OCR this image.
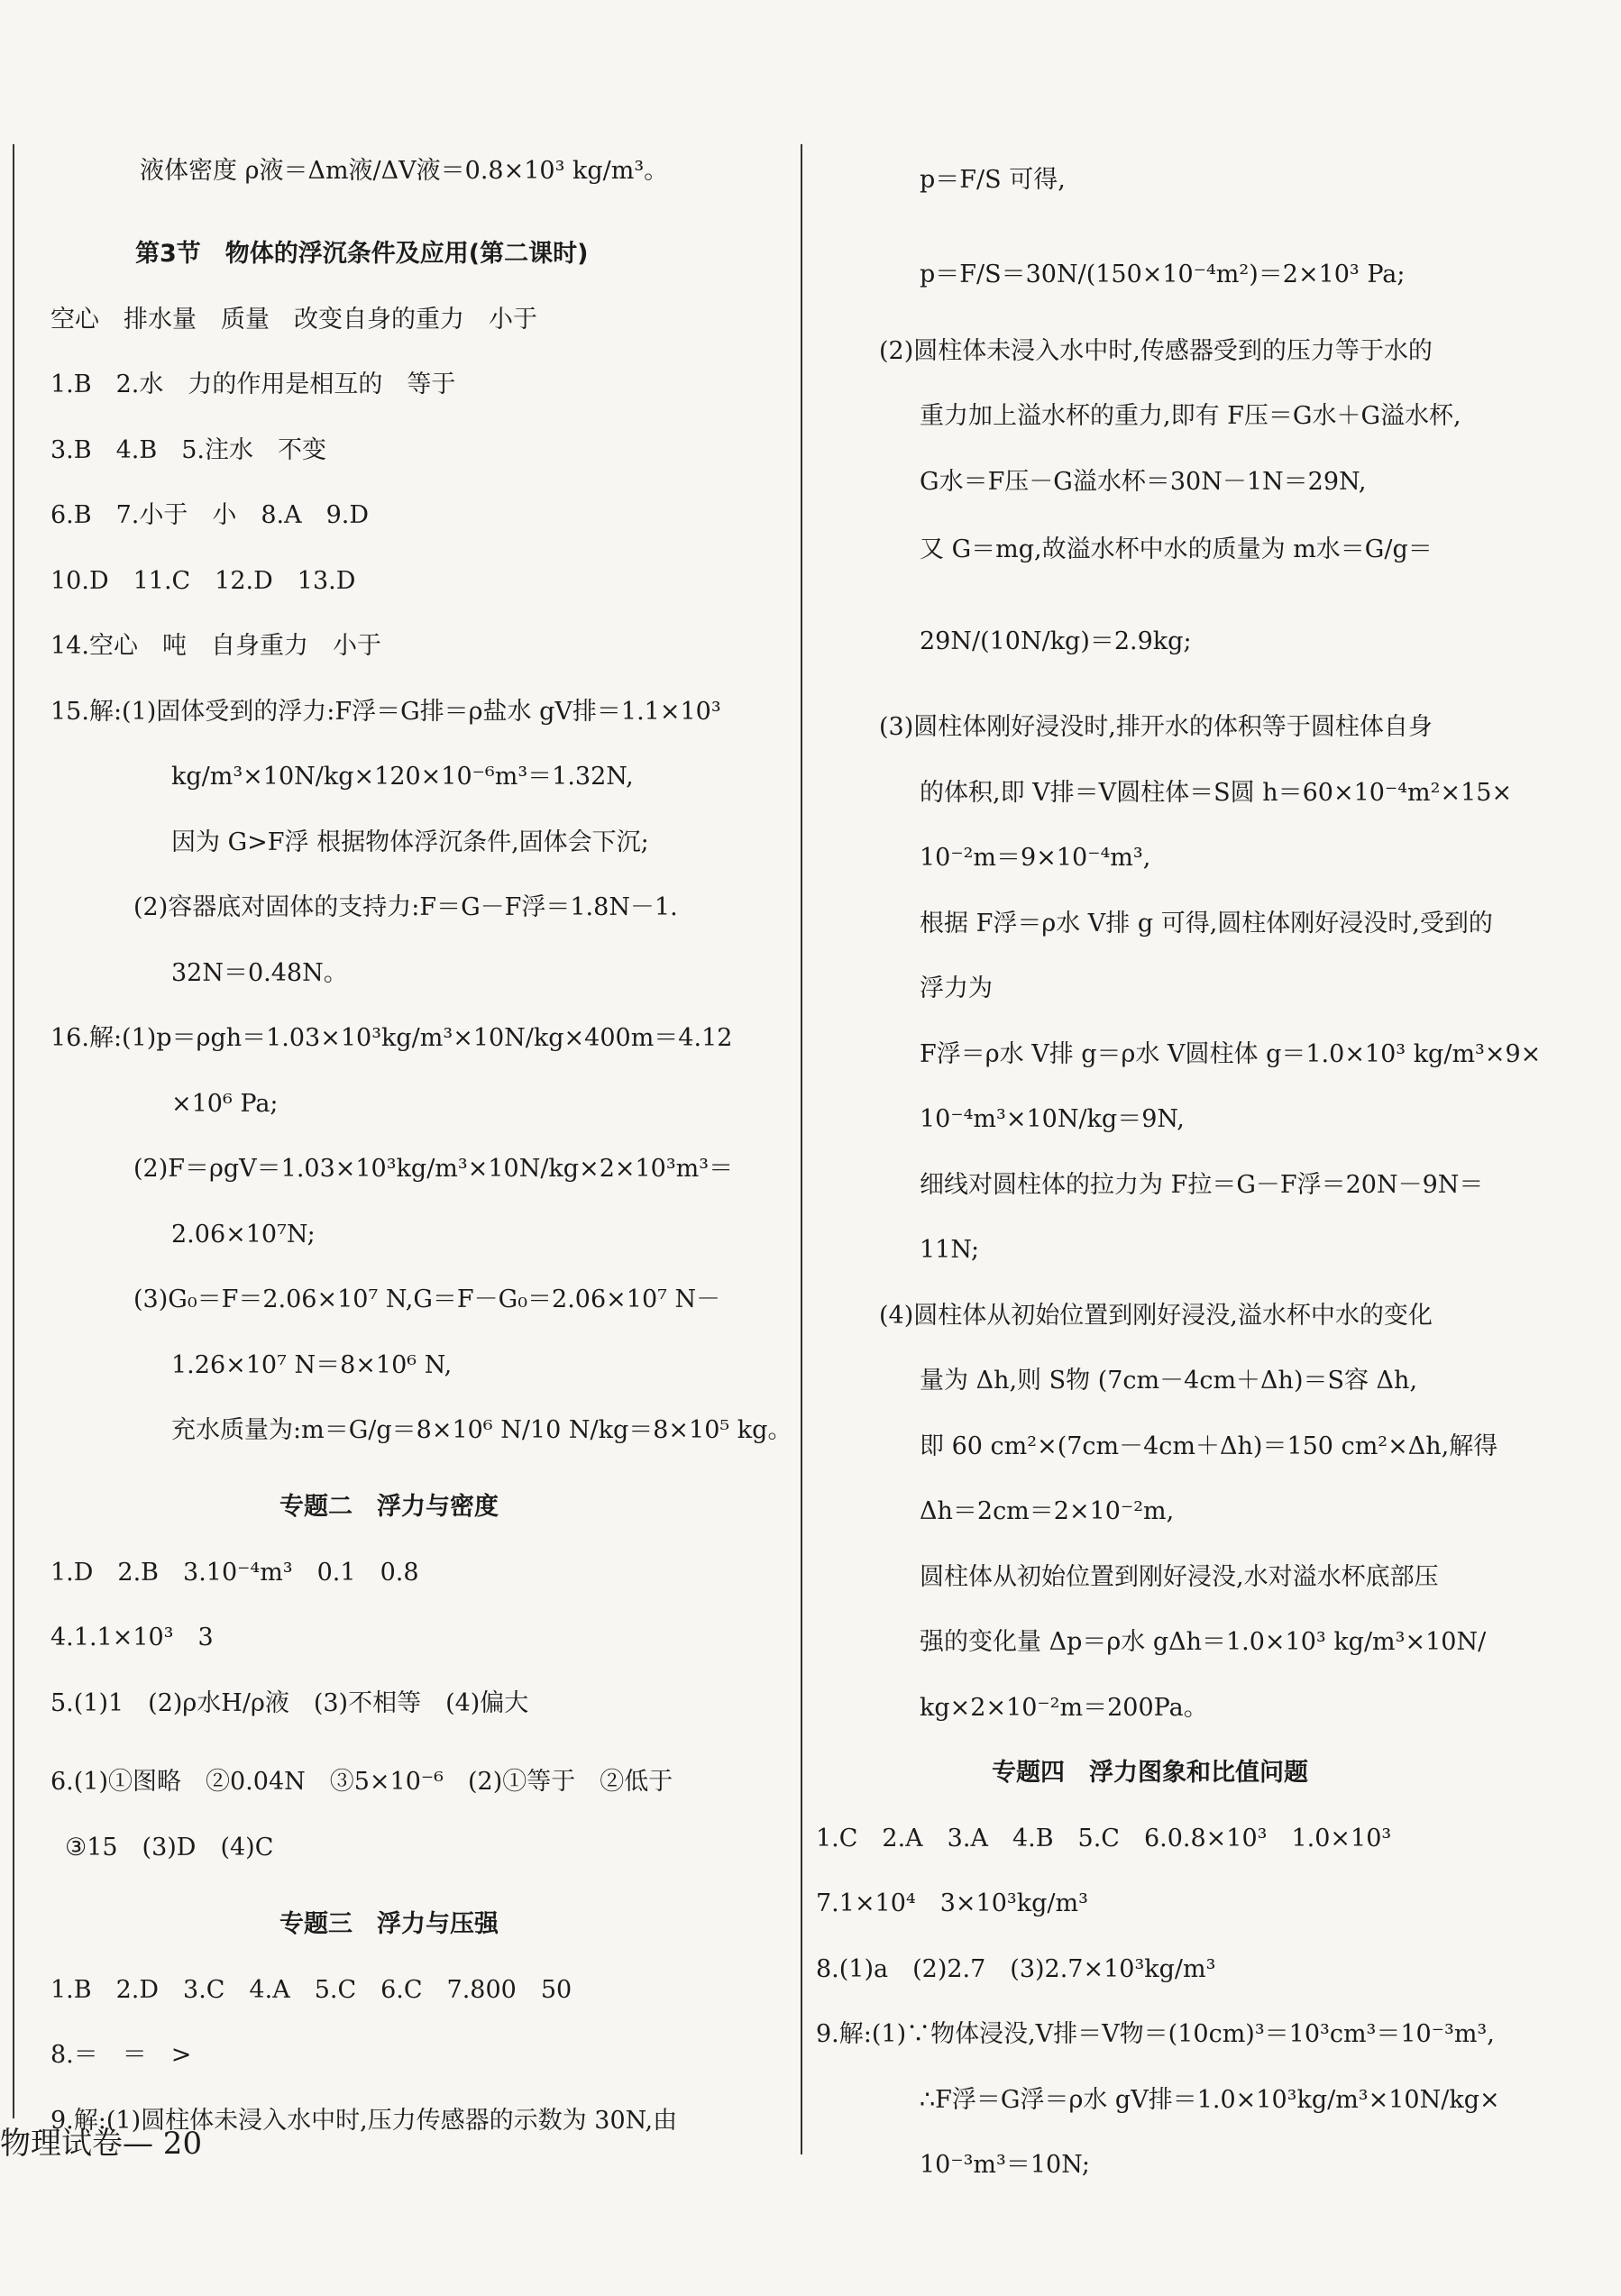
液体密度 ρ液＝Δm液/ΔV液＝0.8×10³ kg/m³。
第3节　物体的浮沉条件及应用(第二课时)
空心　排水量　质量　改变自身的重力　小于
1.B　2.水　力的作用是相互的　等于
3.B　4.B　5.注水　不变
6.B　7.小于　小　8.A　9.D
10.D　11.C　12.D　13.D
14.空心　吨　自身重力　小于
15.解:(1)固体受到的浮力:F浮＝G排＝ρ盐水 gV排＝1.1×10³
kg/m³×10N/kg×120×10⁻⁶m³＝1.32N,
因为 G>F浮 根据物体浮沉条件,固体会下沉;
(2)容器底对固体的支持力:F＝G－F浮＝1.8N－1.
32N＝0.48N。
16.解:(1)p＝ρgh＝1.03×10³kg/m³×10N/kg×400m＝4.12
×10⁶ Pa;
(2)F＝ρgV＝1.03×10³kg/m³×10N/kg×2×10³m³＝
2.06×10⁷N;
(3)G₀＝F＝2.06×10⁷ N,G＝F－G₀＝2.06×10⁷ N－
1.26×10⁷ N＝8×10⁶ N,
充水质量为:m＝G/g＝8×10⁶ N/10 N/kg＝8×10⁵ kg。
专题二　浮力与密度
1.D　2.B　3.10⁻⁴m³　0.1　0.8
4.1.1×10³　3
5.(1)1　(2)ρ水H/ρ液　(3)不相等　(4)偏大
6.(1)①图略　②0.04N　③5×10⁻⁶　(2)①等于　②低于
③15　(3)D　(4)C
专题三　浮力与压强
1.B　2.D　3.C　4.A　5.C　6.C　7.800　50
8.＝　＝　>
9.解:(1)圆柱体未浸入水中时,压力传感器的示数为 30N,由
p＝F/S 可得,
p＝F/S＝30N/(150×10⁻⁴m²)＝2×10³ Pa;
(2)圆柱体未浸入水中时,传感器受到的压力等于水的
重力加上溢水杯的重力,即有 F压＝G水＋G溢水杯,
G水＝F压－G溢水杯＝30N－1N＝29N,
又 G＝mg,故溢水杯中水的质量为 m水＝G/g＝
29N/(10N/kg)＝2.9kg;
(3)圆柱体刚好浸没时,排开水的体积等于圆柱体自身
的体积,即 V排＝V圆柱体＝S圆 h＝60×10⁻⁴m²×15×
10⁻²m＝9×10⁻⁴m³,
根据 F浮＝ρ水 V排 g 可得,圆柱体刚好浸没时,受到的
浮力为
F浮＝ρ水 V排 g＝ρ水 V圆柱体 g＝1.0×10³ kg/m³×9×
10⁻⁴m³×10N/kg＝9N,
细线对圆柱体的拉力为 F拉＝G－F浮＝20N－9N＝
11N;
(4)圆柱体从初始位置到刚好浸没,溢水杯中水的变化
量为 Δh,则 S物 (7cm－4cm＋Δh)＝S容 Δh,
即 60 cm²×(7cm－4cm＋Δh)＝150 cm²×Δh,解得
Δh＝2cm＝2×10⁻²m,
圆柱体从初始位置到刚好浸没,水对溢水杯底部压
强的变化量 Δp＝ρ水 gΔh＝1.0×10³ kg/m³×10N/
kg×2×10⁻²m＝200Pa。
专题四　浮力图象和比值问题
1.C　2.A　3.A　4.B　5.C　6.0.8×10³　1.0×10³
7.1×10⁴　3×10³kg/m³
8.(1)a　(2)2.7　(3)2.7×10³kg/m³
9.解:(1)∵物体浸没,V排＝V物＝(10cm)³＝10³cm³＝10⁻³m³,
∴F浮＝G浮＝ρ水 gV排＝1.0×10³kg/m³×10N/kg×
10⁻³m³＝10N;
物理试卷— 20
